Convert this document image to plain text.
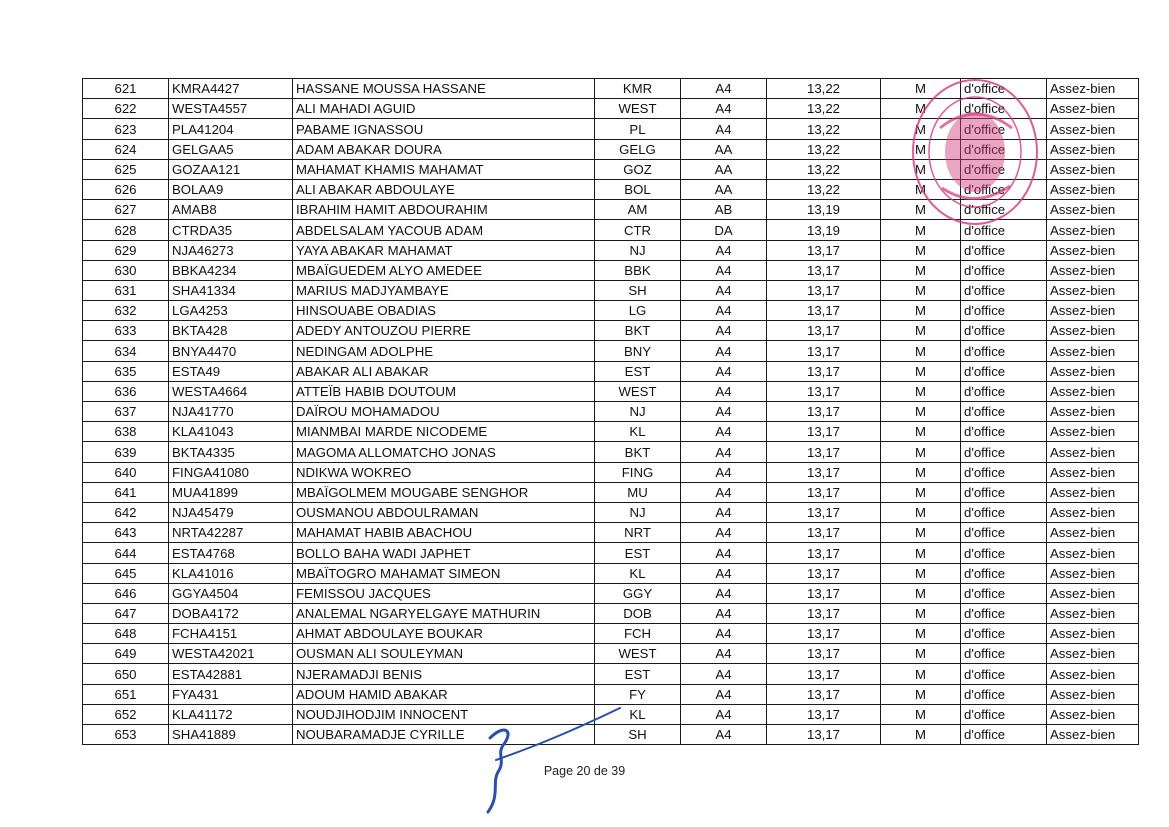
621	KMRA4427	HASSANE MOUSSA HASSANE	KMR	A4	13,22	M	d'office	Assez-bien
622	WESTA4557	ALI MAHADI AGUID	WEST	A4	13,22	M	d'office	Assez-bien
623	PLA41204	PABAME IGNASSOU	PL	A4	13,22	M	d'office	Assez-bien
624	GELGAA5	ADAM ABAKAR DOURA	GELG	AA	13,22	M	d'office	Assez-bien
625	GOZAA121	MAHAMAT KHAMIS MAHAMAT	GOZ	AA	13,22	M	d'office	Assez-bien
626	BOLAA9	ALI ABAKAR ABDOULAYE	BOL	AA	13,22	M	d'office	Assez-bien
627	AMAB8	IBRAHIM HAMIT ABDOURAHIM	AM	AB	13,19	M	d'office	Assez-bien
628	CTRDA35	ABDELSALAM YACOUB ADAM	CTR	DA	13,19	M	d'office	Assez-bien
629	NJA46273	YAYA ABAKAR MAHAMAT	NJ	A4	13,17	M	d'office	Assez-bien
630	BBKA4234	MBAÏGUEDEM ALYO AMEDEE	BBK	A4	13,17	M	d'office	Assez-bien
631	SHA41334	MARIUS MADJYAMBAYE	SH	A4	13,17	M	d'office	Assez-bien
632	LGA4253	HINSOUABE OBADIAS	LG	A4	13,17	M	d'office	Assez-bien
633	BKTA428	ADEDY ANTOUZOU PIERRE	BKT	A4	13,17	M	d'office	Assez-bien
634	BNYA4470	NEDINGAM ADOLPHE	BNY	A4	13,17	M	d'office	Assez-bien
635	ESTA49	ABAKAR ALI ABAKAR	EST	A4	13,17	M	d'office	Assez-bien
636	WESTA4664	ATTEÏB HABIB DOUTOUM	WEST	A4	13,17	M	d'office	Assez-bien
637	NJA41770	DAÏROU MOHAMADOU	NJ	A4	13,17	M	d'office	Assez-bien
638	KLA41043	MIANMBAI MARDE NICODEME	KL	A4	13,17	M	d'office	Assez-bien
639	BKTA4335	MAGOMA ALLOMATCHO JONAS	BKT	A4	13,17	M	d'office	Assez-bien
640	FINGA41080	NDIKWA WOKREO	FING	A4	13,17	M	d'office	Assez-bien
641	MUA41899	MBAÏGOLMEM MOUGABE SENGHOR	MU	A4	13,17	M	d'office	Assez-bien
642	NJA45479	OUSMANOU ABDOULRAMAN	NJ	A4	13,17	M	d'office	Assez-bien
643	NRTA42287	MAHAMAT HABIB ABACHOU	NRT	A4	13,17	M	d'office	Assez-bien
644	ESTA4768	BOLLO BAHA WADI JAPHET	EST	A4	13,17	M	d'office	Assez-bien
645	KLA41016	MBAÏTOGRO MAHAMAT SIMEON	KL	A4	13,17	M	d'office	Assez-bien
646	GGYA4504	FEMISSOU JACQUES	GGY	A4	13,17	M	d'office	Assez-bien
647	DOBA4172	ANALEMAL NGARYELGAYE MATHURIN	DOB	A4	13,17	M	d'office	Assez-bien
648	FCHA4151	AHMAT ABDOULAYE BOUKAR	FCH	A4	13,17	M	d'office	Assez-bien
649	WESTA42021	OUSMAN ALI SOULEYMAN	WEST	A4	13,17	M	d'office	Assez-bien
650	ESTA42881	NJERAMADJI BENIS	EST	A4	13,17	M	d'office	Assez-bien
651	FYA431	ADOUM HAMID ABAKAR	FY	A4	13,17	M	d'office	Assez-bien
652	KLA41172	NOUDJIHODJIM INNOCENT	KL	A4	13,17	M	d'office	Assez-bien
653	SHA41889	NOUBARAMADJE CYRILLE	SH	A4	13,17	M	d'office	Assez-bien
Page 20 de 39
